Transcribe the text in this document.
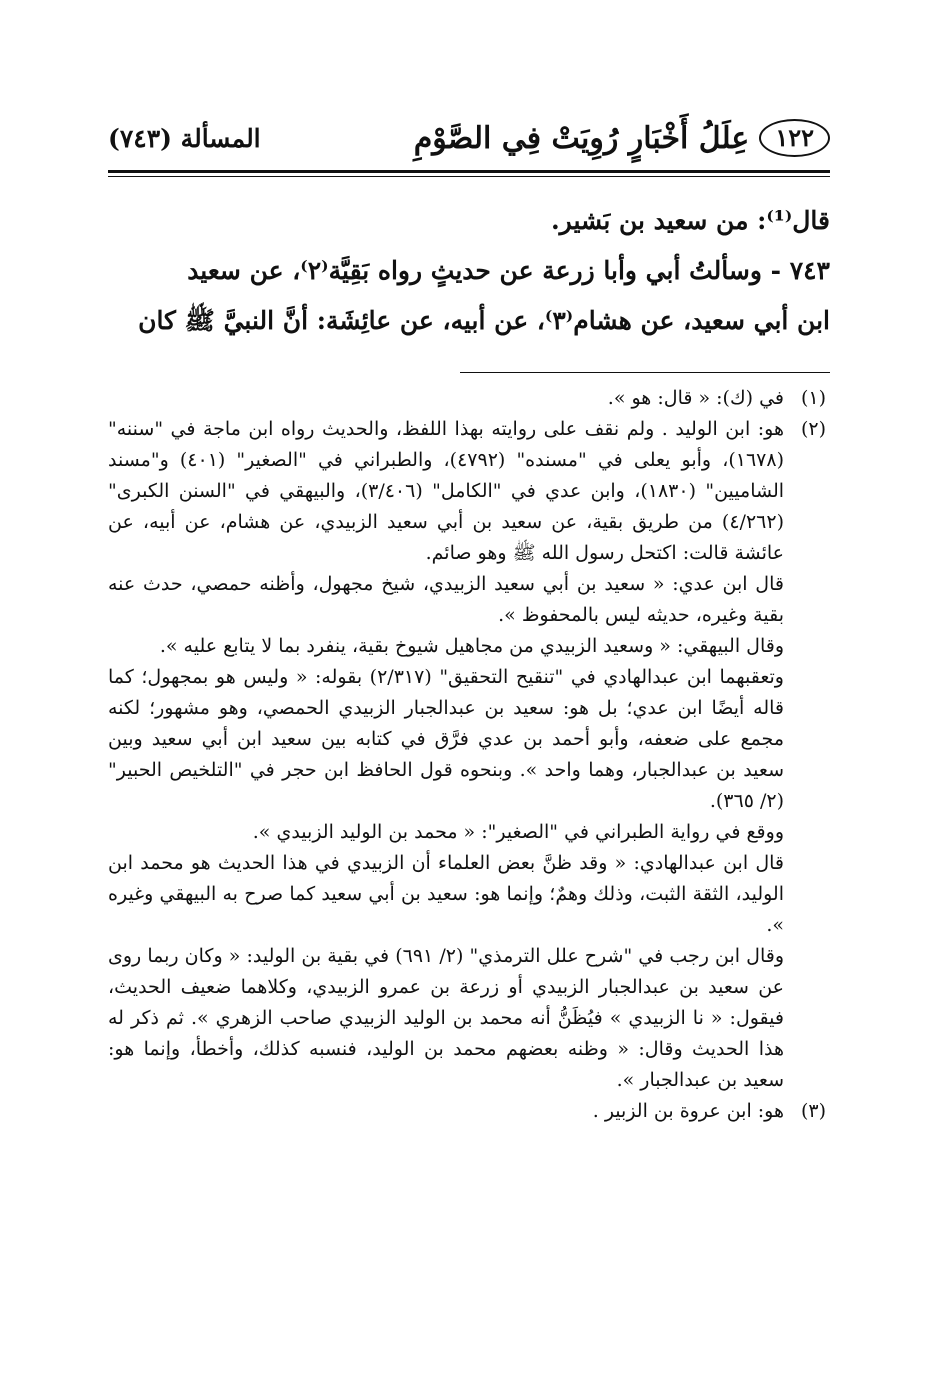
١٢٢
عِلَلُ أَخْبَارٍ رُوِيَتْ فِي الصَّوْمِ
المسألة (٧٤٣)

قال⁽¹⁾: من سعيد بن بَشير.

٧٤٣ - وسألتُ أبي وأبا زرعة عن حديثٍ رواه بَقِيَّة⁽٢⁾، عن سعيد

ابن أبي سعيد، عن هشام⁽٣⁾، عن أبيه، عن عائِشَة: أنَّ النبيَّ ﷺ كان

(١)

في (ك): « قال: هو ».

(٢)

هو: ابن الوليد . ولم نقف على روايته بهذا اللفظ، والحديث رواه ابن ماجة في "سننه" (١٦٧٨)، وأبو يعلى في "مسنده" (٤٧٩٢)، والطبراني في "الصغير" (٤٠١) و"مسند الشاميين" (١٨٣٠)، وابن عدي في "الكامل" (٣/٤٠٦)، والبيهقي في "السنن الكبرى" (٤/٢٦٢) من طريق بقية، عن سعيد بن أبي سعيد الزبيدي، عن هشام، عن أبيه، عن عائشة قالت: اكتحل رسول الله ﷺ وهو صائم.

قال ابن عدي: « سعيد بن أبي سعيد الزبيدي، شيخ مجهول، وأظنه حمصي، حدث عنه بقية وغيره، حديثه ليس بالمحفوظ ».

وقال البيهقي: « وسعيد الزبيدي من مجاهيل شيوخ بقية، ينفرد بما لا يتابع عليه ».

وتعقبهما ابن عبدالهادي في "تنقيح التحقيق" (٢/٣١٧) بقوله: « وليس هو بمجهول؛ كما قاله أيضًا ابن عدي؛ بل هو: سعيد بن عبدالجبار الزبيدي الحمصي، وهو مشهور؛ لكنه مجمع على ضعفه، وأبو أحمد بن عدي فرَّق في كتابه بين سعيد ابن أبي سعيد وبين سعيد بن عبدالجبار، وهما واحد ». وبنحوه قول الحافظ ابن حجر في "التلخيص الحبير" (٢/ ٣٦٥).

ووقع في رواية الطبراني في "الصغير": « محمد بن الوليد الزبيدي ».

قال ابن عبدالهادي: « وقد ظنَّ بعض العلماء أن الزبيدي في هذا الحديث هو محمد ابن الوليد، الثقة الثبت، وذلك وهمٌ؛ وإنما هو: سعيد بن أبي سعيد كما صرح به البيهقي وغيره ».

وقال ابن رجب في "شرح علل الترمذي" (٢/ ٦٩١) في بقية بن الوليد: « وكان ربما روى عن سعيد بن عبدالجبار الزبيدي أو زرعة بن عمرو الزبيدي، وكلاهما ضعيف الحديث، فيقول: « نا الزبيدي » فيُظَنُّ أنه محمد بن الوليد الزبيدي صاحب الزهري ». ثم ذكر له هذا الحديث وقال: « وظنه بعضهم محمد بن الوليد، فنسبه كذلك، وأخطأ، وإنما هو: سعيد بن عبدالجبار ».

(٣)

هو: ابن عروة بن الزبير .
